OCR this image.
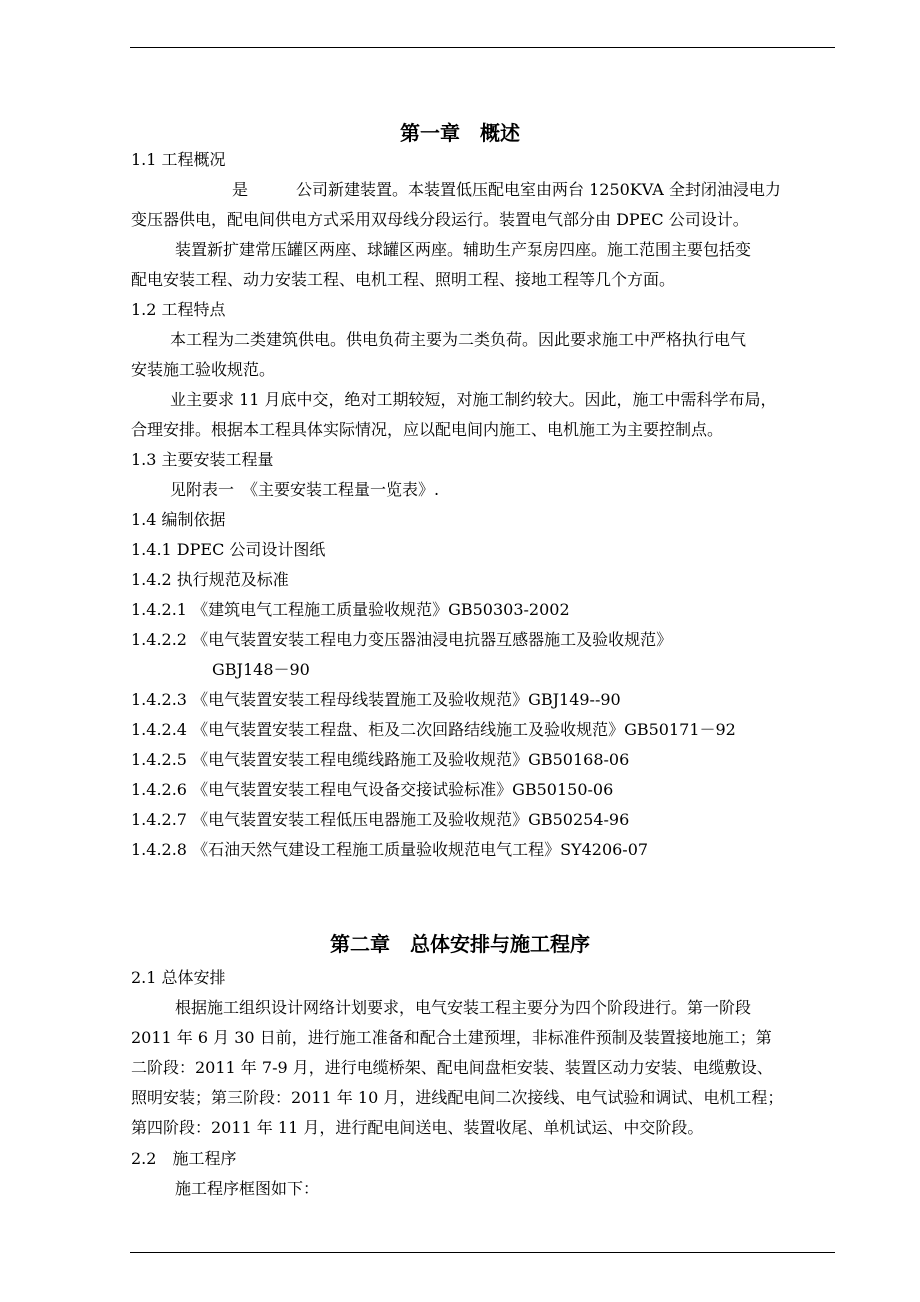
第一章　概述
1.1 工程概况
是　　　公司新建装置。本装置低压配电室由两台 1250KVA 全封闭油浸电力
变压器供电，配电间供电方式采用双母线分段运行。装置电气部分由 DPEC 公司设计。
装置新扩建常压罐区两座、球罐区两座。辅助生产泵房四座。施工范围主要包括变
配电安装工程、动力安装工程、电机工程、照明工程、接地工程等几个方面。
1.2 工程特点
本工程为二类建筑供电。供电负荷主要为二类负荷。因此要求施工中严格执行电气
安装施工验收规范。
业主要求 11 月底中交，绝对工期较短，对施工制约较大。因此，施工中需科学布局，
合理安排。根据本工程具体实际情况，应以配电间内施工、电机施工为主要控制点。
1.3 主要安装工程量
见附表一　《主要安装工程量一览表》.
1.4 编制依据
1.4.1 DPEC 公司设计图纸
1.4.2 执行规范及标准
1.4.2.1 《建筑电气工程施工质量验收规范》GB50303-2002
1.4.2.2 《电气装置安装工程电力变压器油浸电抗器互感器施工及验收规范》
GBJ148－90
1.4.2.3 《电气装置安装工程母线装置施工及验收规范》GBJ149--90
1.4.2.4 《电气装置安装工程盘、柜及二次回路结线施工及验收规范》GB50171－92
1.4.2.5 《电气装置安装工程电缆线路施工及验收规范》GB50168-06
1.4.2.6 《电气装置安装工程电气设备交接试验标准》GB50150-06
1.4.2.7 《电气装置安装工程低压电器施工及验收规范》GB50254-96
1.4.2.8 《石油天然气建设工程施工质量验收规范电气工程》SY4206-07
第二章　总体安排与施工程序
2.1 总体安排
根据施工组织设计网络计划要求，电气安装工程主要分为四个阶段进行。第一阶段
2011 年 6 月 30 日前，进行施工准备和配合土建预埋，非标准件预制及装置接地施工；第
二阶段：2011 年 7-9 月，进行电缆桥架、配电间盘柜安装、装置区动力安装、电缆敷设、
照明安装；第三阶段：2011 年 10 月，进线配电间二次接线、电气试验和调试、电机工程；
第四阶段：2011 年 11 月，进行配电间送电、装置收尾、单机试运、中交阶段。
2.2　施工程序
施工程序框图如下：
